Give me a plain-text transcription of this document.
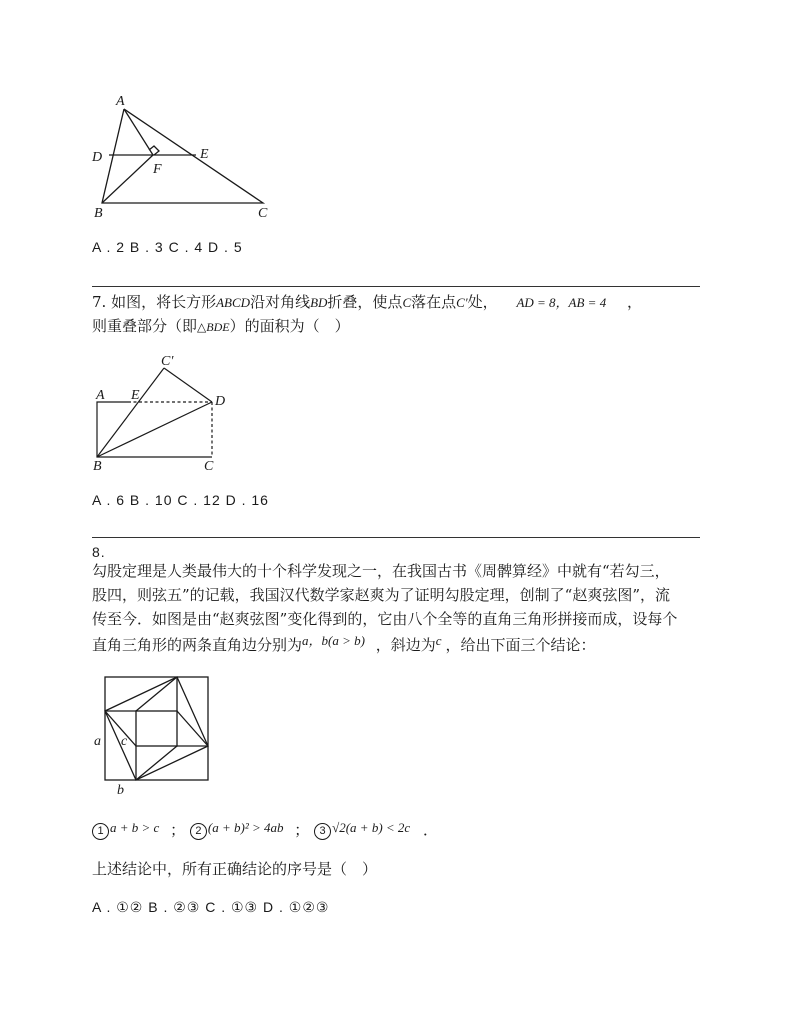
A
D	E
F
B	C
A . 2 B . 3 C . 4 D . 5
7. 如图，将长方形ABCD沿对角线BD折叠，使点C落在点C′处， AD = 8，AB = 4 ，
则重叠部分（即△BDE）的面积为（　）
C′
A E	D
B	C
A . 6 B . 10 C . 12 D . 16
8.
勾股定理是人类最伟大的十个科学发现之一，在我国古书《周髀算经》中就有“若勾三，
股四，则弦五”的记载，我国汉代数学家赵爽为了证明勾股定理，创制了“赵爽弦图”，流
传至今．如图是由“赵爽弦图”变化得到的，它由八个全等的直角三角形拼接而成，设每个
直角三角形的两条直角边分别为a，b(a > b) ，斜边为c ，给出下面三个结论：
a c
b
1 a + b > c ； 2 (a + b)² > 4ab ； 3 √2(a + b) < 2c ．
上述结论中，所有正确结论的序号是（　）
A . ①② B . ②③ C . ①③ D . ①②③
